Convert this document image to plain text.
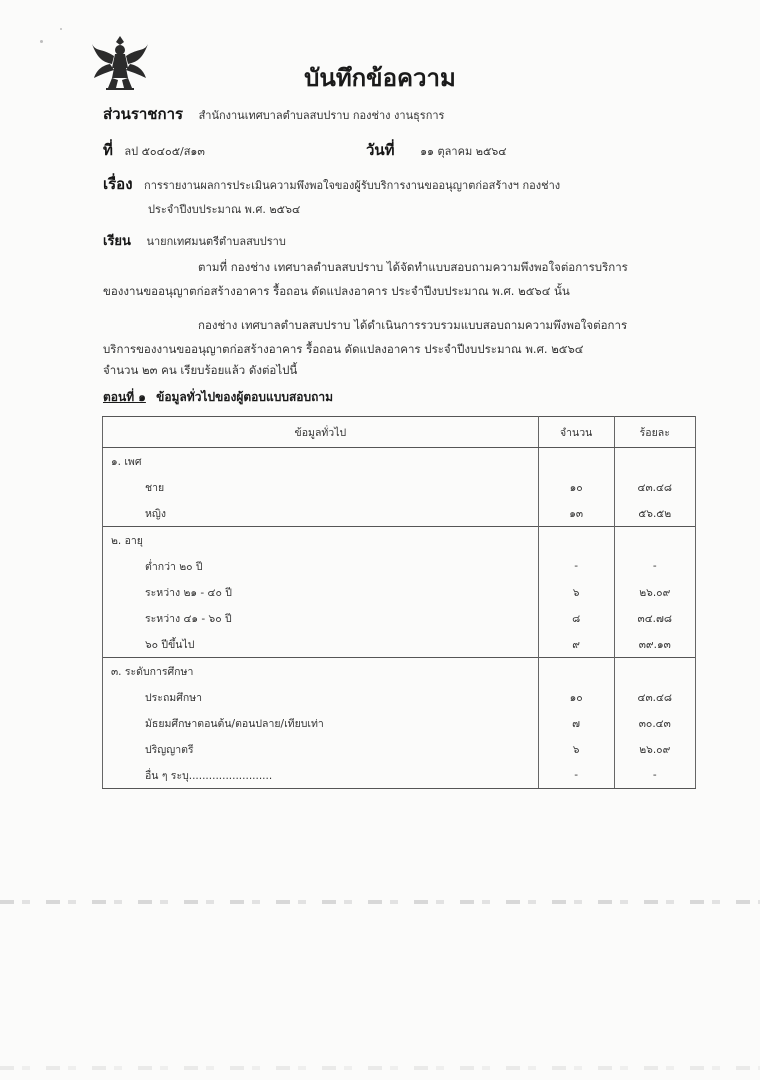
บันทึกข้อความ
ส่วนราชการ สำนักงานเทศบาลตำบลสบปราบ กองช่าง งานธุรการ
ที่ ลป ๕๐๔๐๕/ส๑๓	วันที่ ๑๑ ตุลาคม ๒๕๖๔
เรื่อง การรายงานผลการประเมินความพึงพอใจของผู้รับบริการงานขออนุญาตก่อสร้างฯ กองช่าง
ประจำปีงบประมาณ พ.ศ. ๒๕๖๔
เรียน นายกเทศมนตรีตำบลสบปราบ
ตามที่ กองช่าง เทศบาลตำบลสบปราบ ได้จัดทำแบบสอบถามความพึงพอใจต่อการบริการ
ของงานขออนุญาตก่อสร้างอาคาร รื้อถอน ดัดแปลงอาคาร ประจำปีงบประมาณ พ.ศ. ๒๕๖๔ นั้น
กองช่าง เทศบาลตำบลสบปราบ ได้ดำเนินการรวบรวมแบบสอบถามความพึงพอใจต่อการ
บริการของงานขออนุญาตก่อสร้างอาคาร รื้อถอน ดัดแปลงอาคาร ประจำปีงบประมาณ พ.ศ. ๒๕๖๔
จำนวน ๒๓ คน เรียบร้อยแล้ว ดังต่อไปนี้
ตอนที่ ๑ ข้อมูลทั่วไปของผู้ตอบแบบสอบถาม
ข้อมูลทั่วไป	จำนวน	ร้อยละ
๑. เพศ		
ชาย	๑๐	๔๓.๔๘
หญิง	๑๓	๕๖.๕๒
๒. อายุ		
ต่ำกว่า ๒๐ ปี	-	-
ระหว่าง ๒๑ - ๔๐ ปี	๖	๒๖.๐๙
ระหว่าง ๔๑ - ๖๐ ปี	๘	๓๔.๗๘
๖๐ ปีขึ้นไป	๙	๓๙.๑๓
๓. ระดับการศึกษา		
ประถมศึกษา	๑๐	๔๓.๔๘
มัธยมศึกษาตอนต้น/ตอนปลาย/เทียบเท่า	๗	๓๐.๔๓
ปริญญาตรี	๖	๒๖.๐๙
อื่น ๆ ระบุ.........................	-	-
